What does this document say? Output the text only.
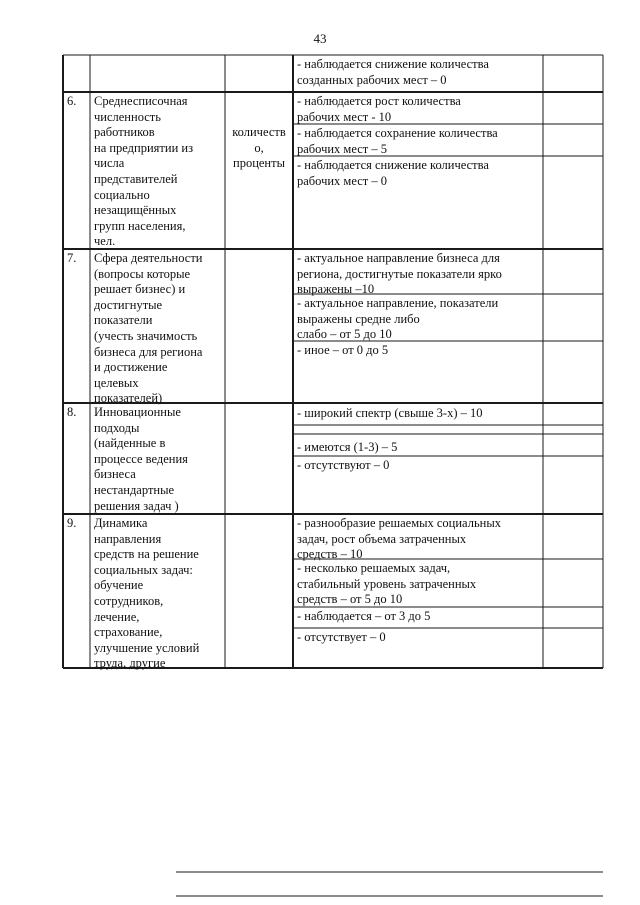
43
- наблюдается снижение количества
созданных рабочих мест – 0
6. Среднесписочная
численность
работников
на предприятии из
числа
представителей
социально
незащищённых
групп населения,
чел.
количеств
о,
проценты
- наблюдается рост количества
рабочих мест - 10
- наблюдается сохранение количества
рабочих мест – 5
- наблюдается снижение количества
рабочих мест – 0
7. Сфера деятельности
(вопросы которые
решает бизнес) и
достигнутые
показатели
(учесть значимость
бизнеса для региона
и достижение
целевых
показателей)
- актуальное направление бизнеса для
региона, достигнутые показатели ярко
выражены –10
- актуальное направление, показатели
выражены средне либо
слабо – от 5 до 10
- иное – от 0 до 5
8. Инновационные
подходы
(найденные в
процессе ведения
бизнеса
нестандартные
решения задач )
- широкий спектр (свыше 3-х) – 10
- имеются (1-3) – 5
- отсутствуют – 0
9. Динамика
направления
средств на решение
социальных задач:
обучение
сотрудников,
лечение,
страхование,
улучшение условий
труда, другие
- разнообразие решаемых социальных
задач, рост объема затраченных
средств – 10
- несколько решаемых задач,
стабильный уровень затраченных
средств – от 5 до 10
- наблюдается – от 3 до 5
- отсутствует – 0
